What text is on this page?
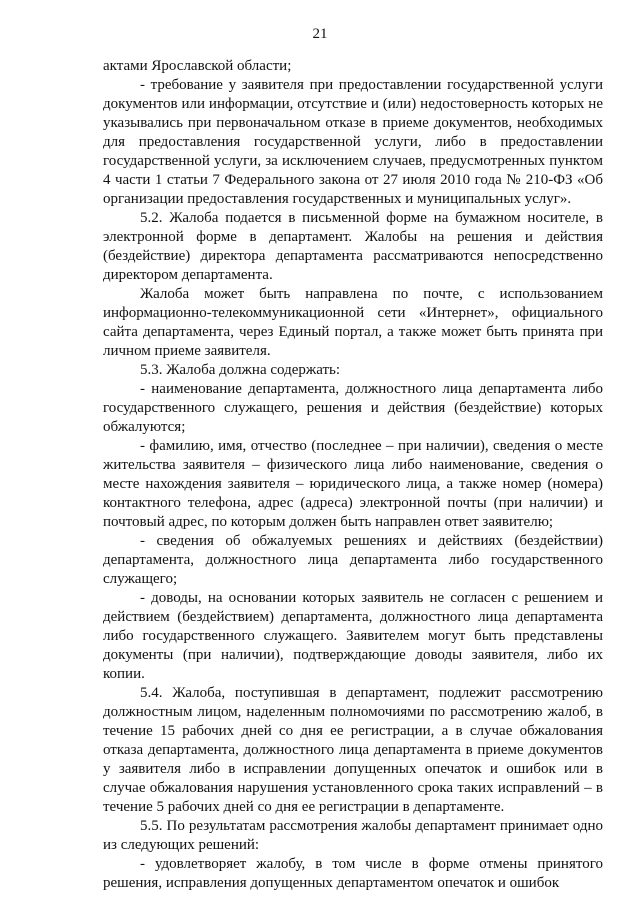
21

актами Ярославской области;

- требование у заявителя при предоставлении государственной услуги документов или информации, отсутствие и (или) недостоверность которых не указывались при первоначальном отказе в приеме документов, необходимых для предоставления государственной услуги, либо в предоставлении государственной услуги, за исключением случаев, предусмотренных пунктом 4 части 1 статьи 7 Федерального закона от 27 июля 2010 года № 210-ФЗ «Об организации предоставления государственных и муниципальных услуг».

5.2. Жалоба подается в письменной форме на бумажном носителе, в электронной форме в департамент. Жалобы на решения и действия (бездействие) директора департамента рассматриваются непосредственно директором департамента.

Жалоба может быть направлена по почте, с использованием информационно-телекоммуникационной сети «Интернет», официального сайта департамента, через Единый портал, а также может быть принята при личном приеме заявителя.

5.3. Жалоба должна содержать:

- наименование департамента, должностного лица департамента либо государственного служащего, решения и действия (бездействие) которых обжалуются;

- фамилию, имя, отчество (последнее – при наличии), сведения о месте жительства заявителя – физического лица либо наименование, сведения о месте нахождения заявителя – юридического лица, а также номер (номера) контактного телефона, адрес (адреса) электронной почты (при наличии) и почтовый адрес, по которым должен быть направлен ответ заявителю;

- сведения об обжалуемых решениях и действиях (бездействии) департамента, должностного лица департамента либо государственного служащего;

- доводы, на основании которых заявитель не согласен с решением и действием (бездействием) департамента, должностного лица департамента либо государственного служащего. Заявителем могут быть представлены документы (при наличии), подтверждающие доводы заявителя, либо их копии.

5.4. Жалоба, поступившая в департамент, подлежит рассмотрению должностным лицом, наделенным полномочиями по рассмотрению жалоб, в течение 15 рабочих дней со дня ее регистрации, а в случае обжалования отказа департамента, должностного лица департамента в приеме документов у заявителя либо в исправлении допущенных опечаток и ошибок или в случае обжалования нарушения установленного срока таких исправлений – в течение 5 рабочих дней со дня ее регистрации в департаменте.

5.5. По результатам рассмотрения жалобы департамент принимает одно из следующих решений:

- удовлетворяет жалобу, в том числе в форме отмены принятого решения, исправления допущенных департаментом опечаток и ошибок
